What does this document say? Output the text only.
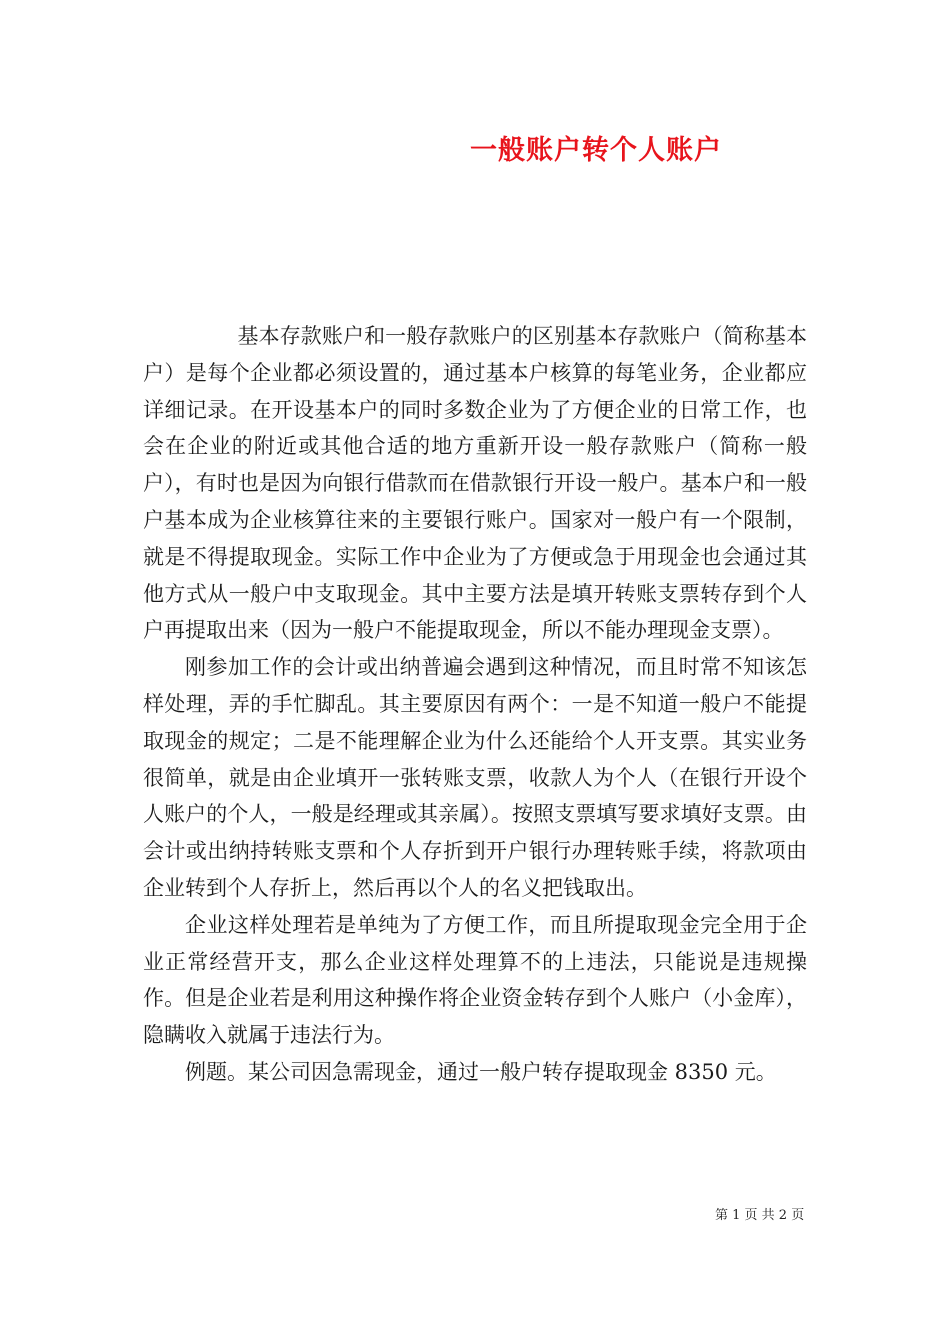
一般账户转个人账户

基本存款账户和一般存款账户的区别基本存款账户（简称基本户）是每个企业都必须设置的，通过基本户核算的每笔业务，企业都应详细记录。在开设基本户的同时多数企业为了方便企业的日常工作，也会在企业的附近或其他合适的地方重新开设一般存款账户（简称一般户），有时也是因为向银行借款而在借款银行开设一般户。基本户和一般户基本成为企业核算往来的主要银行账户。国家对一般户有一个限制，就是不得提取现金。实际工作中企业为了方便或急于用现金也会通过其他方式从一般户中支取现金。其中主要方法是填开转账支票转存到个人户再提取出来（因为一般户不能提取现金，所以不能办理现金支票）。

刚参加工作的会计或出纳普遍会遇到这种情况，而且时常不知该怎样处理，弄的手忙脚乱。其主要原因有两个：一是不知道一般户不能提取现金的规定；二是不能理解企业为什么还能给个人开支票。其实业务很简单，就是由企业填开一张转账支票，收款人为个人（在银行开设个人账户的个人，一般是经理或其亲属）。按照支票填写要求填好支票。由会计或出纳持转账支票和个人存折到开户银行办理转账手续，将款项由企业转到个人存折上，然后再以个人的名义把钱取出。

企业这样处理若是单纯为了方便工作，而且所提取现金完全用于企业正常经营开支，那么企业这样处理算不的上违法，只能说是违规操作。但是企业若是利用这种操作将企业资金转存到个人账户（小金库），隐瞒收入就属于违法行为。

例题。某公司因急需现金，通过一般户转存提取现金 8350 元。

第 1 页 共 2 页
